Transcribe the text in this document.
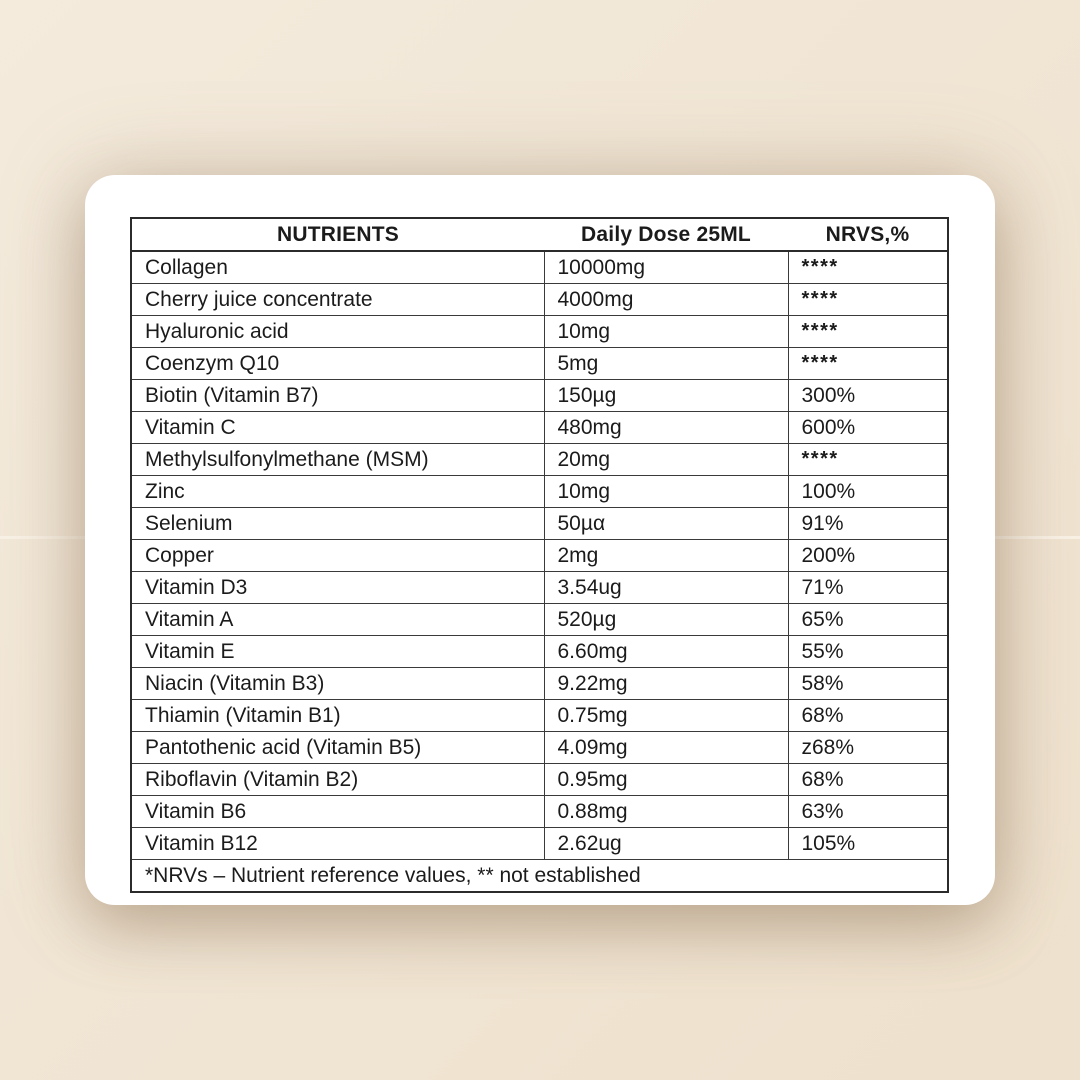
NUTRIENTS	Daily Dose 25ML	NRVS,%
Collagen	10000mg	****
Cherry juice concentrate	4000mg	****
Hyaluronic acid	10mg	****
Coenzym Q10	5mg	****
Biotin (Vitamin B7)	150µg	300%
Vitamin C	480mg	600%
Methylsulfonylmethane (MSM)	20mg	****
Zinc	10mg	100%
Selenium	50µα	91%
Copper	2mg	200%
Vitamin D3	3.54ug	71%
Vitamin A	520µg	65%
Vitamin E	6.60mg	55%
Niacin (Vitamin B3)	9.22mg	58%
Thiamin (Vitamin B1)	0.75mg	68%
Pantothenic acid (Vitamin B5)	4.09mg	z68%
Riboflavin (Vitamin B2)	0.95mg	68%
Vitamin B6	0.88mg	63%
Vitamin B12	2.62ug	105%
*NRVs – Nutrient reference values, ** not established		
